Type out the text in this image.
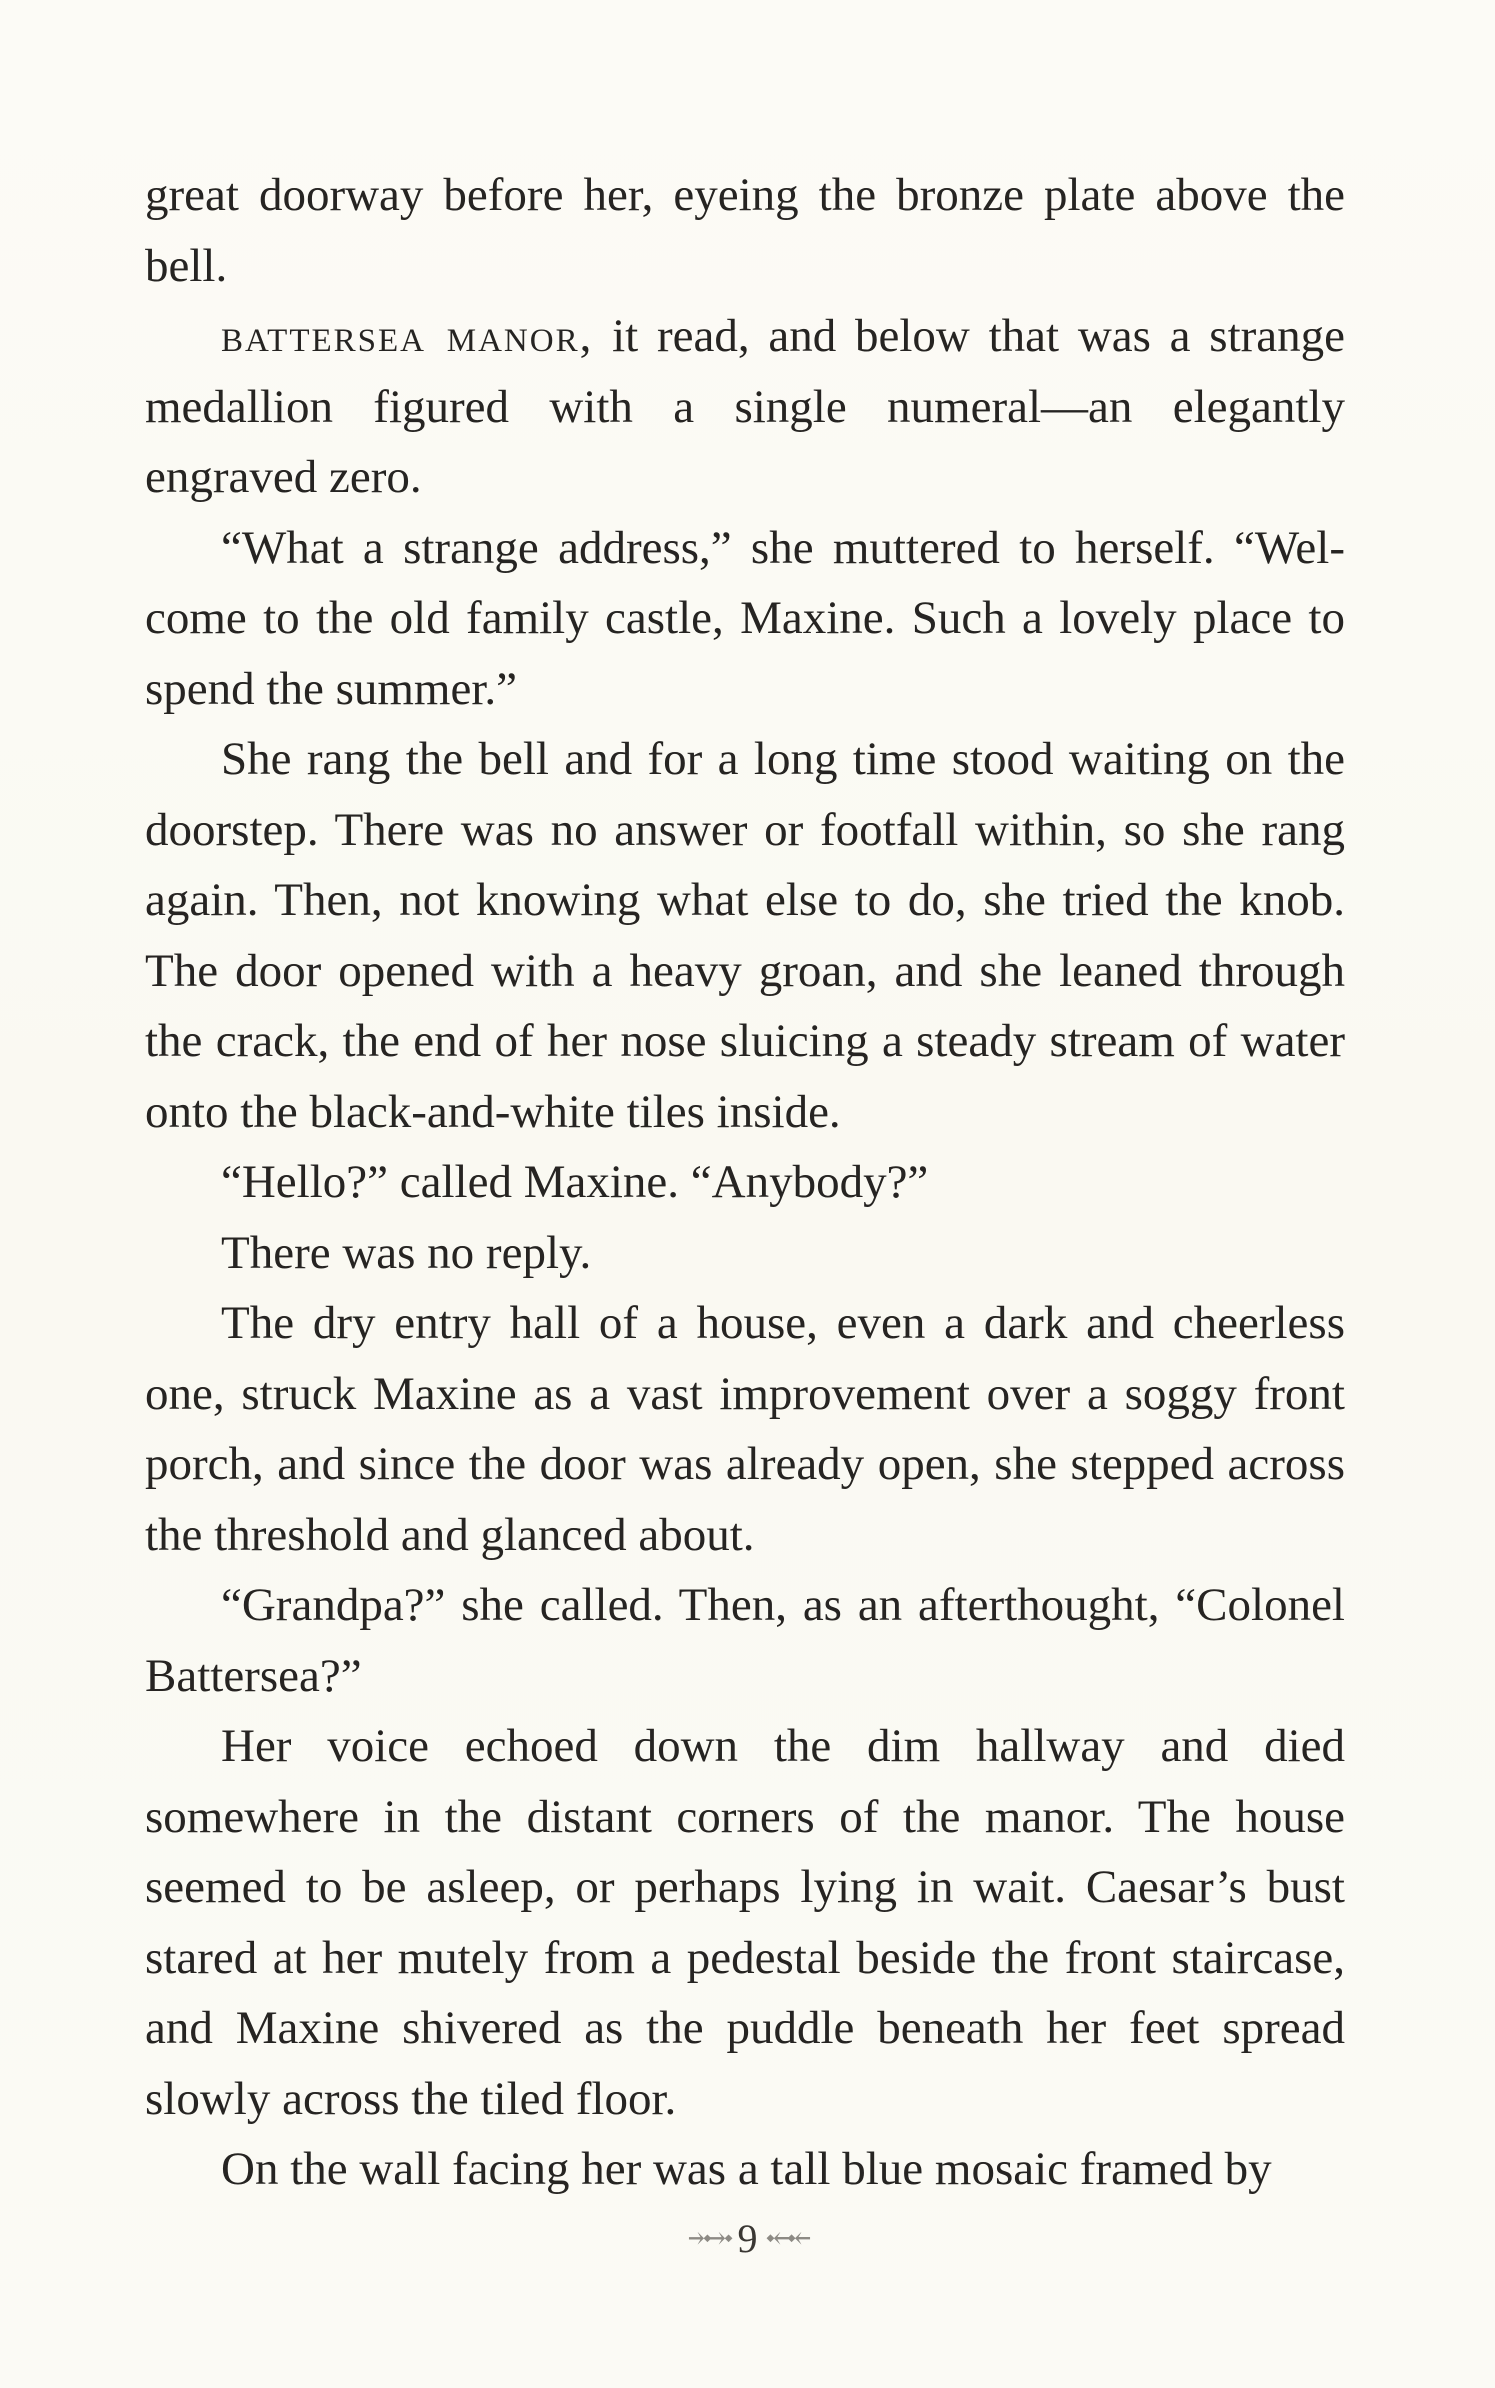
great doorway before her, eyeing the bronze plate above the bell.

battersea manor, it read, and below that was a strange medallion figured with a single numeral—an elegantly engraved zero.

“What a strange address,” she muttered to herself. “Welcome to the old family castle, Maxine. Such a lovely place to spend the summer.”

She rang the bell and for a long time stood waiting on the doorstep. There was no answer or footfall within, so she rang again. Then, not knowing what else to do, she tried the knob. The door opened with a heavy groan, and she leaned through the crack, the end of her nose sluicing a steady stream of water onto the black-and-white tiles inside.

“Hello?” called Maxine. “Anybody?”

There was no reply.

The dry entry hall of a house, even a dark and cheerless one, struck Maxine as a vast improvement over a soggy front porch, and since the door was already open, she stepped across the threshold and glanced about.

“Grandpa?” she called. Then, as an afterthought, “Colonel Battersea?”

Her voice echoed down the dim hallway and died somewhere in the distant corners of the manor. The house seemed to be asleep, or perhaps lying in wait. Caesar’s bust stared at her mutely from a pedestal beside the front staircase, and Maxine shivered as the puddle beneath her feet spread slowly across the tiled floor.

On the wall facing her was a tall blue mosaic framed by

⤞⤞ 9 ⤝⤝
